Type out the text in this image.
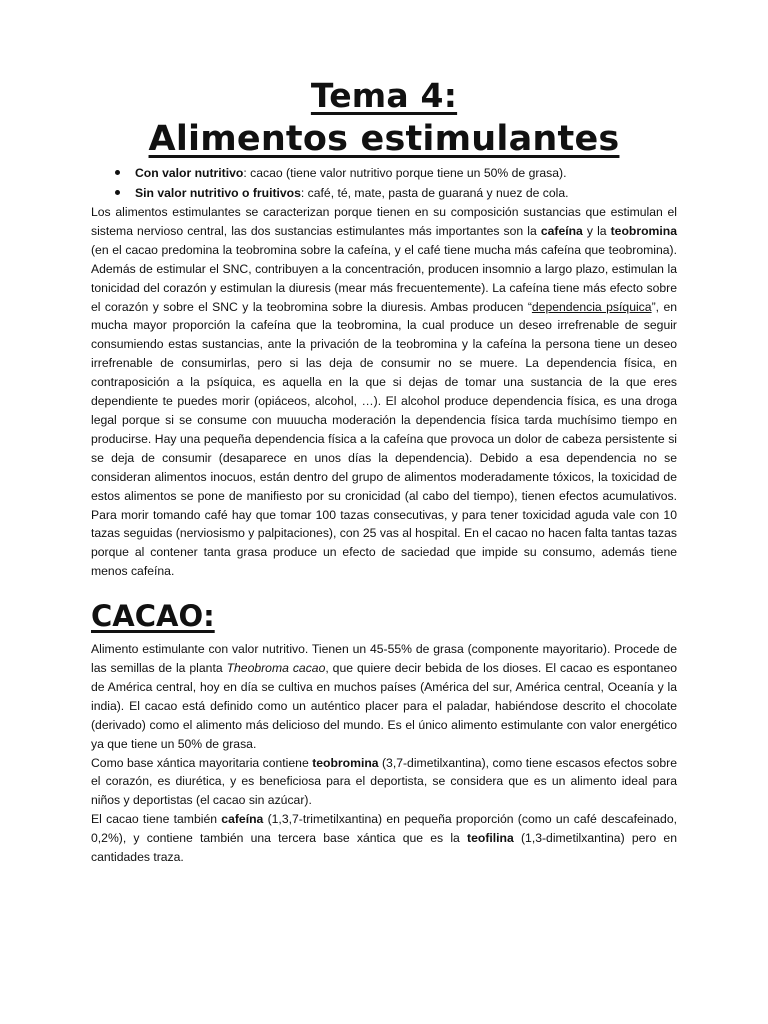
Tema 4:
Alimentos estimulantes
Con valor nutritivo: cacao (tiene valor nutritivo porque tiene un 50% de grasa).
Sin valor nutritivo o fruitivos: café, té, mate, pasta de guaraná y nuez de cola.

Los alimentos estimulantes se caracterizan porque tienen en su composición sustancias que estimulan el sistema nervioso central, las dos sustancias estimulantes más importantes son la cafeína y la teobromina (en el cacao predomina la teobromina sobre la cafeína, y el café tiene mucha más cafeína que teobromina). Además de estimular el SNC, contribuyen a la concentración, producen insomnio a largo plazo, estimulan la tonicidad del corazón y estimulan la diuresis (mear más frecuentemente). La cafeína tiene más efecto sobre el corazón y sobre el SNC y la teobromina sobre la diuresis. Ambas producen “dependencia psíquica”, en mucha mayor proporción la cafeína que la teobromina, la cual produce un deseo irrefrenable de seguir consumiendo estas sustancias, ante la privación de la teobromina y la cafeína la persona tiene un deseo irrefrenable de consumirlas, pero si las deja de consumir no se muere. La dependencia física, en contraposición a la psíquica, es aquella en la que si dejas de tomar una sustancia de la que eres dependiente te puedes morir (opiáceos, alcohol, …). El alcohol produce dependencia física, es una droga legal porque si se consume con muuucha moderación la dependencia física tarda muchísimo tiempo en producirse. Hay una pequeña dependencia física a la cafeína que provoca un dolor de cabeza persistente si se deja de consumir (desaparece en unos días la dependencia). Debido a esa dependencia no se consideran alimentos inocuos, están dentro del grupo de alimentos moderadamente tóxicos, la toxicidad de estos alimentos se pone de manifiesto por su cronicidad (al cabo del tiempo), tienen efectos acumulativos. Para morir tomando café hay que tomar 100 tazas consecutivas, y para tener toxicidad aguda vale con 10 tazas seguidas (nerviosismo y palpitaciones), con 25 vas al hospital. En el cacao no hacen falta tantas tazas porque al contener tanta grasa produce un efecto de saciedad que impide su consumo, además tiene menos cafeína.

CACAO:

Alimento estimulante con valor nutritivo. Tienen un 45-55% de grasa (componente mayoritario). Procede de las semillas de la planta Theobroma cacao, que quiere decir bebida de los dioses. El cacao es espontaneo de América central, hoy en día se cultiva en muchos países (América del sur, América central, Oceanía y la india). El cacao está definido como un auténtico placer para el paladar, habiéndose descrito el chocolate (derivado) como el alimento más delicioso del mundo. Es el único alimento estimulante con valor energético ya que tiene un 50% de grasa.

Como base xántica mayoritaria contiene teobromina (3,7-dimetilxantina), como tiene escasos efectos sobre el corazón, es diurética, y es beneficiosa para el deportista, se considera que es un alimento ideal para niños y deportistas (el cacao sin azúcar).

El cacao tiene también cafeína (1,3,7-trimetilxantina) en pequeña proporción (como un café descafeinado, 0,2%), y contiene también una tercera base xántica que es la teofilina (1,3-dimetilxantina) pero en cantidades traza.
